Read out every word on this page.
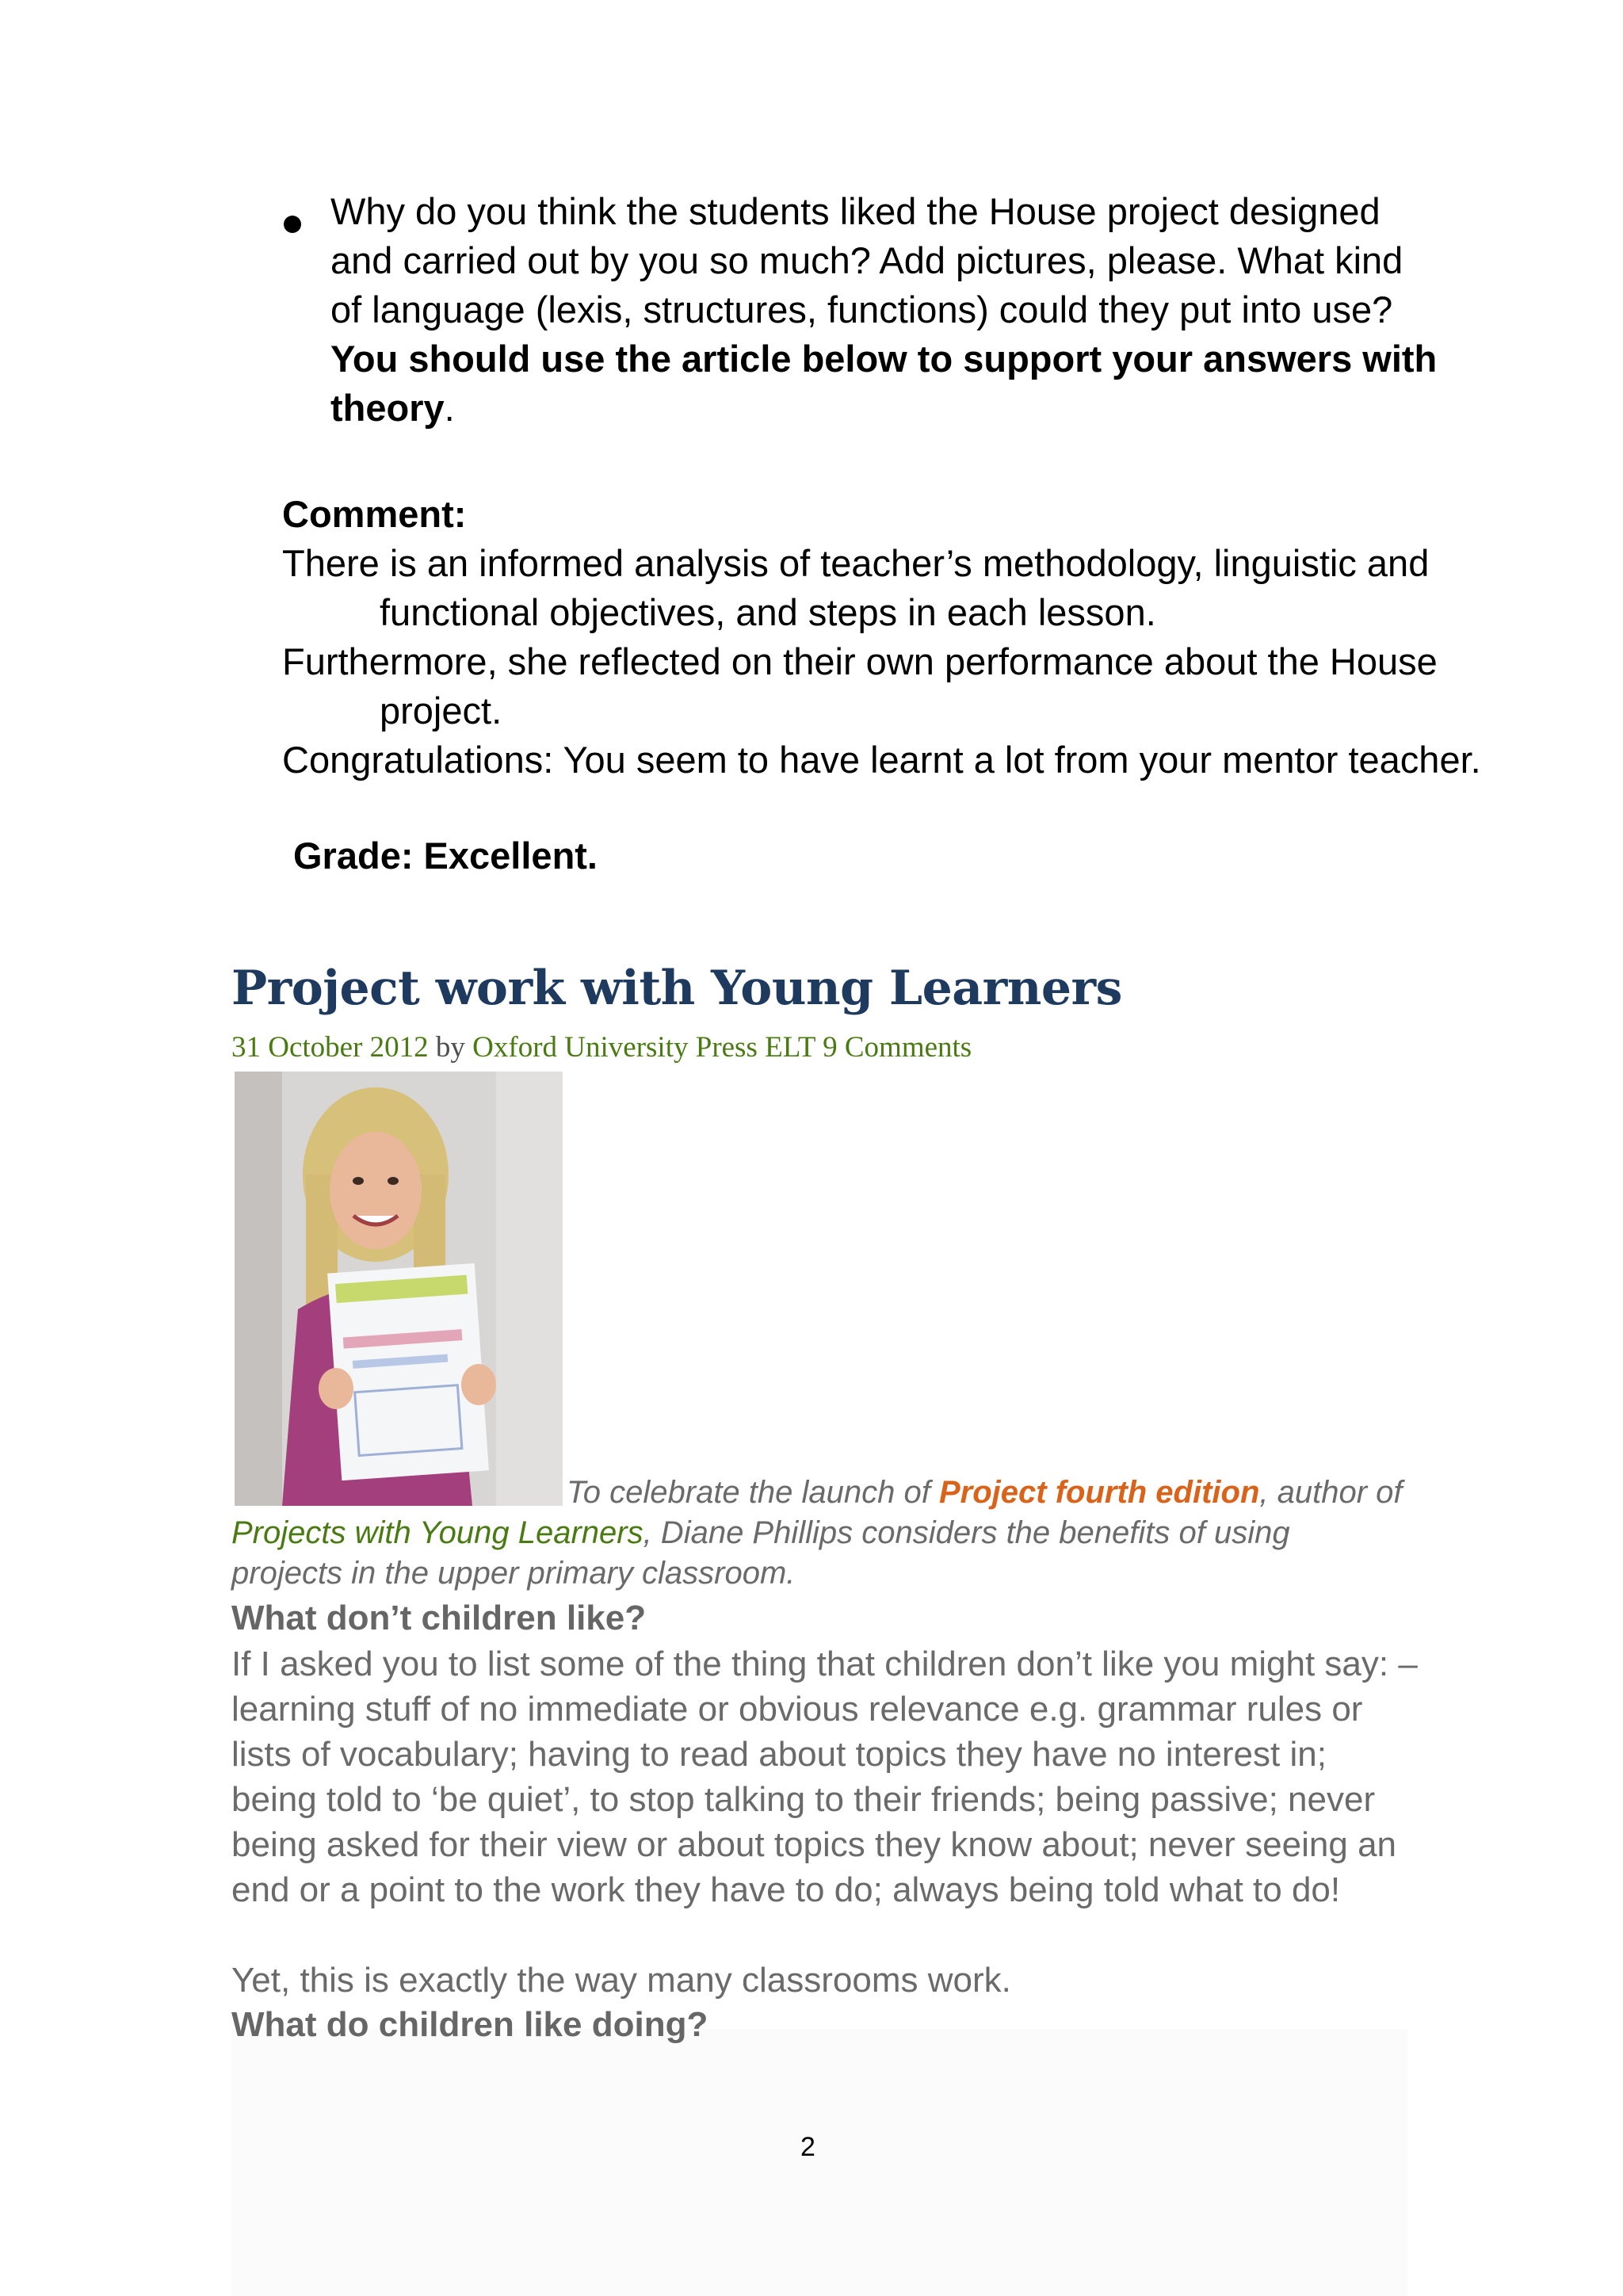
Why do you think the students liked the House project designed and carried out by you so much? Add pictures, please. What kind of language (lexis, structures, functions) could they put into use? You should use the article below to support your answers with theory.
Comment:
There is an informed analysis of teacher’s methodology, linguistic and functional objectives, and steps in each lesson.
Furthermore, she reflected on their own performance about the House project.
Congratulations: You seem to have learnt a lot from your mentor teacher.
Grade: Excellent.
Project work with Young Learners
31 October 2012 by Oxford University Press ELT 9 Comments
To celebrate the launch of Project fourth edition, author of Projects with Young Learners, Diane Phillips considers the benefits of using projects in the upper primary classroom.
What don’t children like?
If I asked you to list some of the thing that children don’t like you might say: – learning stuff of no immediate or obvious relevance e.g. grammar rules or lists of vocabulary; having to read about topics they have no interest in; being told to ‘be quiet’, to stop talking to their friends; being passive; never being asked for their view or about topics they know about; never seeing an end or a point to the work they have to do; always being told what to do!
Yet, this is exactly the way many classrooms work.
What do children like doing?
2
